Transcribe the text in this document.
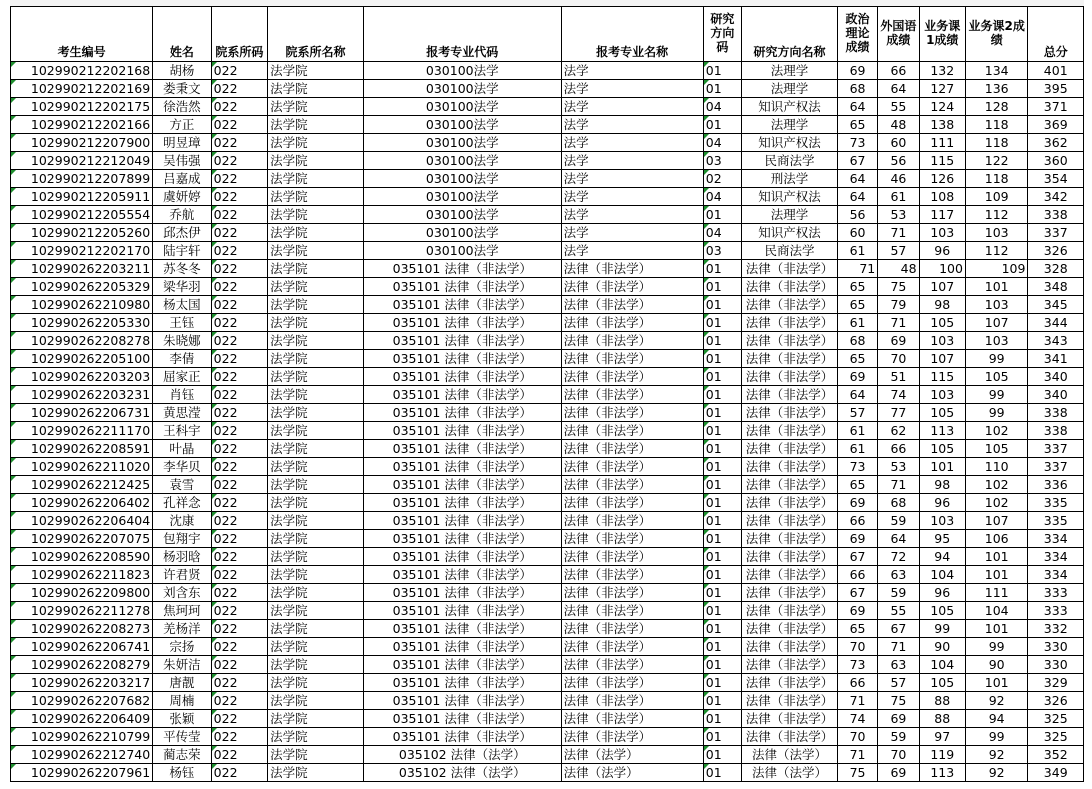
考生编号	姓名	院系所码	院系所名称	报考专业代码	报考专业名称	研究方向码	研究方向名称	政治理论成绩	外国语成绩	业务课1成绩	业务课2成绩	总分
102990212202168	胡杨	022	法学院	030100法学	法学	01	法理学	69	66	132	134	401
102990212202169	娄秉文	022	法学院	030100法学	法学	01	法理学	68	64	127	136	395
102990212202175	徐浩然	022	法学院	030100法学	法学	04	知识产权法	64	55	124	128	371
102990212202166	方正	022	法学院	030100法学	法学	01	法理学	65	48	138	118	369
102990212207900	明昱璋	022	法学院	030100法学	法学	04	知识产权法	73	60	111	118	362
102990212212049	吴伟强	022	法学院	030100法学	法学	03	民商法学	67	56	115	122	360
102990212207899	吕嘉成	022	法学院	030100法学	法学	02	刑法学	64	46	126	118	354
102990212205911	虞妍婷	022	法学院	030100法学	法学	04	知识产权法	64	61	108	109	342
102990212205554	乔航	022	法学院	030100法学	法学	01	法理学	56	53	117	112	338
102990212205260	邱杰伊	022	法学院	030100法学	法学	04	知识产权法	60	71	103	103	337
102990212202170	陆宇轩	022	法学院	030100法学	法学	03	民商法学	61	57	96	112	326
102990262203211	苏冬冬	022	法学院	035101 法律（非法学）	法律（非法学）	01	法律（非法学）	71	48	100	109	328
102990262205329	梁华羽	022	法学院	035101 法律（非法学）	法律（非法学）	01	法律（非法学）	65	75	107	101	348
102990262210980	杨太国	022	法学院	035101 法律（非法学）	法律（非法学）	01	法律（非法学）	65	79	98	103	345
102990262205330	王钰	022	法学院	035101 法律（非法学）	法律（非法学）	01	法律（非法学）	61	71	105	107	344
102990262208278	朱晓娜	022	法学院	035101 法律（非法学）	法律（非法学）	01	法律（非法学）	68	69	103	103	343
102990262205100	李倩	022	法学院	035101 法律（非法学）	法律（非法学）	01	法律（非法学）	65	70	107	99	341
102990262203203	屈家正	022	法学院	035101 法律（非法学）	法律（非法学）	01	法律（非法学）	69	51	115	105	340
102990262203231	肖钰	022	法学院	035101 法律（非法学）	法律（非法学）	01	法律（非法学）	64	74	103	99	340
102990262206731	黄思滢	022	法学院	035101 法律（非法学）	法律（非法学）	01	法律（非法学）	57	77	105	99	338
102990262211170	王科宇	022	法学院	035101 法律（非法学）	法律（非法学）	01	法律（非法学）	61	62	113	102	338
102990262208591	叶晶	022	法学院	035101 法律（非法学）	法律（非法学）	01	法律（非法学）	61	66	105	105	337
102990262211020	李华贝	022	法学院	035101 法律（非法学）	法律（非法学）	01	法律（非法学）	73	53	101	110	337
102990262212425	袁雪	022	法学院	035101 法律（非法学）	法律（非法学）	01	法律（非法学）	65	71	98	102	336
102990262206402	孔祥念	022	法学院	035101 法律（非法学）	法律（非法学）	01	法律（非法学）	69	68	96	102	335
102990262206404	沈康	022	法学院	035101 法律（非法学）	法律（非法学）	01	法律（非法学）	66	59	103	107	335
102990262207075	包翔宇	022	法学院	035101 法律（非法学）	法律（非法学）	01	法律（非法学）	69	64	95	106	334
102990262208590	杨羽晗	022	法学院	035101 法律（非法学）	法律（非法学）	01	法律（非法学）	67	72	94	101	334
102990262211823	许君贤	022	法学院	035101 法律（非法学）	法律（非法学）	01	法律（非法学）	66	63	104	101	334
102990262209800	刘含东	022	法学院	035101 法律（非法学）	法律（非法学）	01	法律（非法学）	67	59	96	111	333
102990262211278	焦珂珂	022	法学院	035101 法律（非法学）	法律（非法学）	01	法律（非法学）	69	55	105	104	333
102990262208273	羌杨洋	022	法学院	035101 法律（非法学）	法律（非法学）	01	法律（非法学）	65	67	99	101	332
102990262206741	宗扬	022	法学院	035101 法律（非法学）	法律（非法学）	01	法律（非法学）	70	71	90	99	330
102990262208279	朱妍洁	022	法学院	035101 法律（非法学）	法律（非法学）	01	法律（非法学）	73	63	104	90	330
102990262203217	唐靓	022	法学院	035101 法律（非法学）	法律（非法学）	01	法律（非法学）	66	57	105	101	329
102990262207682	周楠	022	法学院	035101 法律（非法学）	法律（非法学）	01	法律（非法学）	71	75	88	92	326
102990262206409	张颖	022	法学院	035101 法律（非法学）	法律（非法学）	01	法律（非法学）	74	69	88	94	325
102990262210799	平传莹	022	法学院	035101 法律（非法学）	法律（非法学）	01	法律（非法学）	70	59	97	99	325
102990262212740	蔺志荣	022	法学院	035102 法律（法学）	法律（法学）	01	法律（法学）	71	70	119	92	352
102990262207961	杨钰	022	法学院	035102 法律（法学）	法律（法学）	01	法律（法学）	75	69	113	92	349
